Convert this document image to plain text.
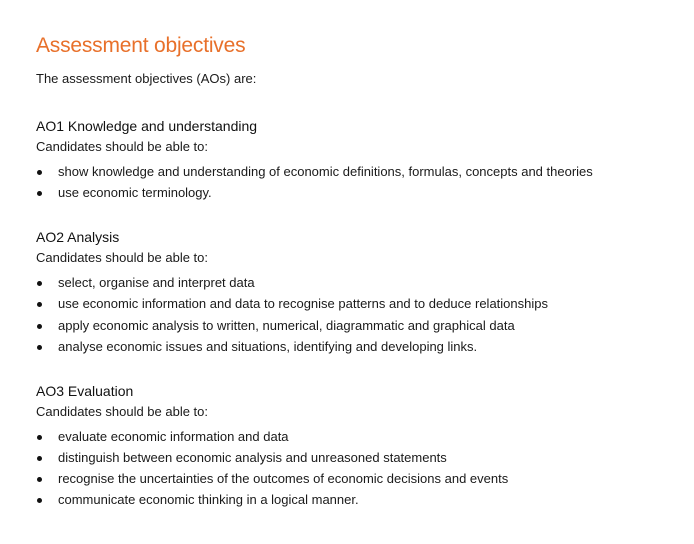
Assessment objectives

The assessment objectives (AOs) are:

AO1 Knowledge and understanding

Candidates should be able to:

show knowledge and understanding of economic definitions, formulas, concepts and theories
use economic terminology.
AO2 Analysis

Candidates should be able to:

select, organise and interpret data
use economic information and data to recognise patterns and to deduce relationships
apply economic analysis to written, numerical, diagrammatic and graphical data
analyse economic issues and situations, identifying and developing links.
AO3 Evaluation

Candidates should be able to:

evaluate economic information and data
distinguish between economic analysis and unreasoned statements
recognise the uncertainties of the outcomes of economic decisions and events
communicate economic thinking in a logical manner.
